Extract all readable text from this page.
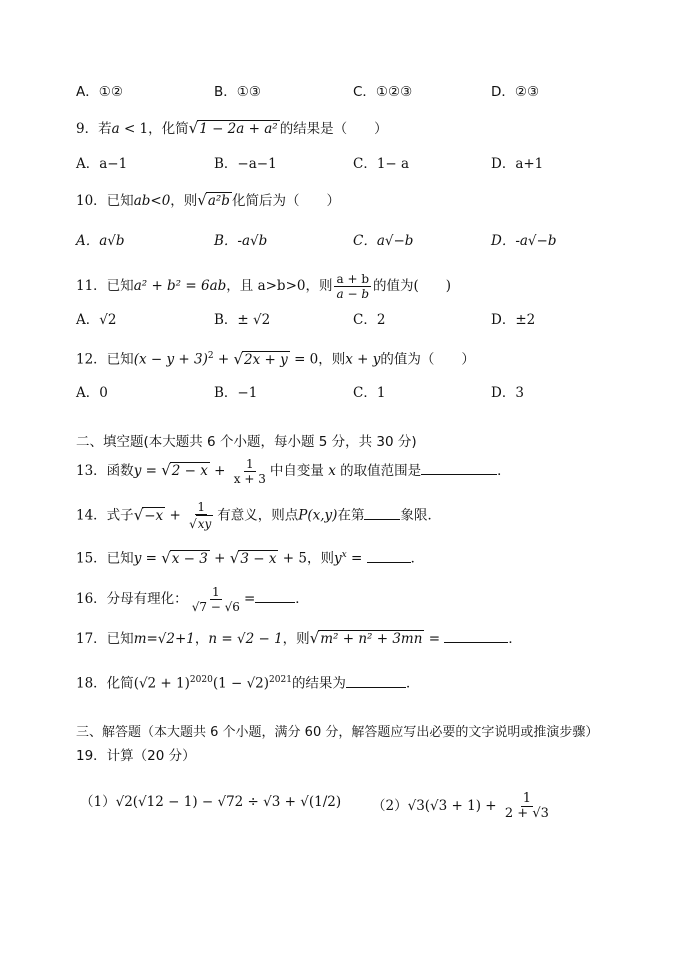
A．①②	B．①③	C．①②③	D．②③
9．若a < 1，化简√1 − 2a + a² 的结果是（　　）
A．a−1	B．−a−1	C．1− a	D．a+1
10．已知ab<0，则√a²b 化简后为（　　）
A．a√b	B．-a√b	C．a√−b	D．-a√−b
11．已知a² + b² = 6ab，且 a>b>0，则 $\frac{a + b}{a - b}$ 的值为(　　)
A．√2	B．± √2	C．2	D．±2
12．已知$(x - y + 3)^2 + √2x + y = 0$，则x + y的值为（　　）
A．0	B．−1	C．1	D．3
二、填空题(本大题共 6 个小题，每小题 5 分，共 30 分)
13．函数$y = √2 - x + \frac{1}{x + 3}$ 中自变量 x 的取值范围是	．
14．式子$√-x + \frac{1}{√xy}$ 有意义，则点P(x,y)在第	象限．
15．已知y = √x − 3 + √3 − x + 5，则$y^x$ =	．
16．分母有理化： $\frac{1}{√7 - √6}$ =	．
17．已知m=√2+1，n = √2 − 1，则√m² + n² + 3mn =	．
18．化简$(√2 + 1)^{2020}(1 - √2)^{2021}$的结果为	．
三、解答题（本大题共 6 个小题，满分 60 分，解答题应写出必要的文字说明或推演步骤）
19．计算（20 分）
（1）√2(√12 − 1) − √72 ÷ √3 + √(1/2) $(2)√3(√3 + 1) + \frac{1}{2 + √3}$
